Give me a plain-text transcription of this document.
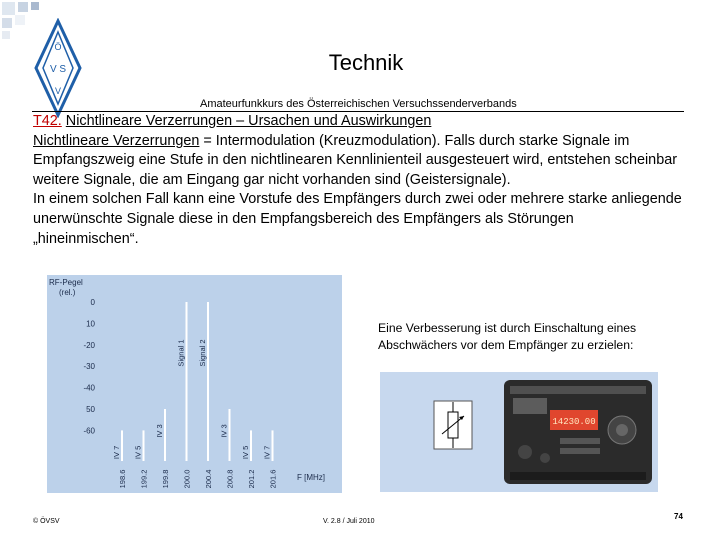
Ö
V S
V
Technik
Amateurfunkkurs des Österreichischen Versuchssenderverbands

T42. Nichtlineare Verzerrungen – Ursachen und Auswirkungen

Nichtlineare Verzerrungen = Intermodulation (Kreuzmodulation). Falls durch starke Signale im Empfangszweig eine Stufe in den nichtlinearen Kennlinienteil ausgesteuert wird, entstehen scheinbar weitere Signale, die am Eingang gar nicht vorhanden sind (Geistersignale).

In einem solchen Fall kann eine Vorstufe des Empfängers durch zwei oder mehrere starke anliegende unerwünschte Signale diese in den Empfangsbereich des Empfängers als Störungen „hineinmischen“.

RF-Pegel
(rel.)
F [MHz]
0
10
-20
-30
-40
50
-60
IV 7 IV 5
IV 3
Signal 1 Signal 2
IV 3
IV 5 IV 7
198.6 199.2 199.8 200.0 200.4 200.8 201.2 201.6
Eine Verbesserung ist durch Einschaltung eines Abschwächers vor dem Empfänger zu erzielen:
14230.00
© ÖVSV	V. 2.8 / Juli 2010
74
